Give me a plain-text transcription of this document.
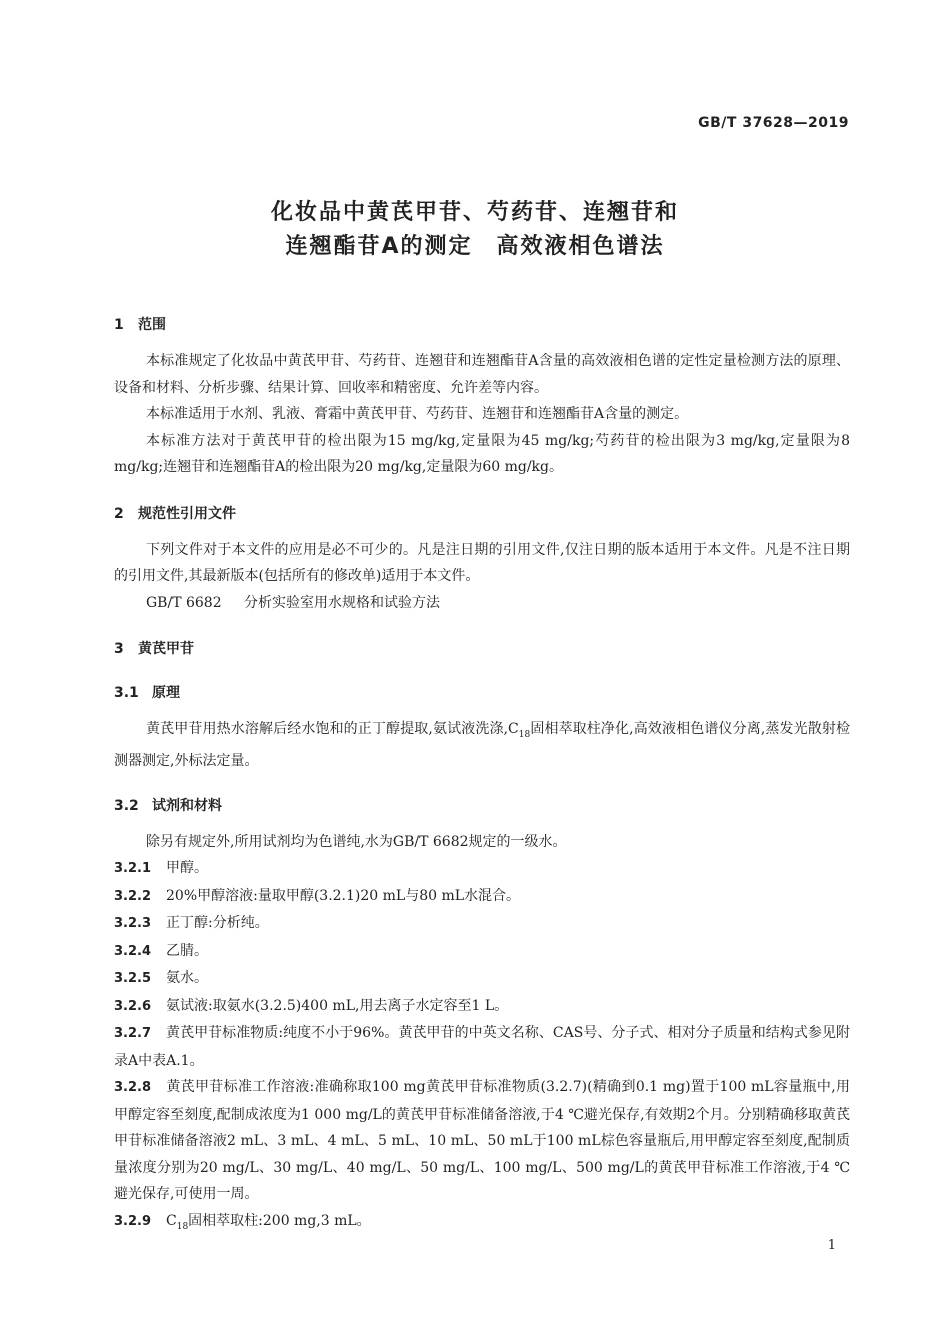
GB/T 37628—2019
化妆品中黄芪甲苷、芍药苷、连翘苷和
连翘酯苷A的测定　高效液相色谱法
1 范围

本标准规定了化妆品中黄芪甲苷、芍药苷、连翘苷和连翘酯苷A含量的高效液相色谱的定性定量检测方法的原理、设备和材料、分析步骤、结果计算、回收率和精密度、允许差等内容。

本标准适用于水剂、乳液、膏霜中黄芪甲苷、芍药苷、连翘苷和连翘酯苷A含量的测定。

本标准方法对于黄芪甲苷的检出限为15 mg/kg,定量限为45 mg/kg;芍药苷的检出限为3 mg/kg,定量限为8 mg/kg;连翘苷和连翘酯苷A的检出限为20 mg/kg,定量限为60 mg/kg。

2 规范性引用文件

下列文件对于本文件的应用是必不可少的。凡是注日期的引用文件,仅注日期的版本适用于本文件。凡是不注日期的引用文件,其最新版本(包括所有的修改单)适用于本文件。

GB/T 6682 分析实验室用水规格和试验方法

3 黄芪甲苷
3.1 原理

黄芪甲苷用热水溶解后经水饱和的正丁醇提取,氨试液洗涤$,C_{18}$固相萃取柱净化,高效液相色谱仪分离,蒸发光散射检测器测定,外标法定量。

3.2 试剂和材料

除另有规定外,所用试剂均为色谱纯,水为GB/T 6682规定的一级水。

3.2.1 甲醇。

3.2.2 20%甲醇溶液:量取甲醇(3.2.1)20 mL与80 mL水混合。

3.2.3 正丁醇:分析纯。

3.2.4 乙腈。

3.2.5 氨水。

3.2.6 氨试液:取氨水(3.2.5)400 mL,用去离子水定容至1 L。

3.2.7 黄芪甲苷标准物质:纯度不小于96%。黄芪甲苷的中英文名称、CAS号、分子式、相对分子质量和结构式参见附录A中表A.1。

3.2.8 黄芪甲苷标准工作溶液:准确称取100 mg黄芪甲苷标准物质(3.2.7)(精确到0.1 mg)置于100 mL容量瓶中,用甲醇定容至刻度,配制成浓度为1 000 mg/L的黄芪甲苷标准储备溶液,于4 ℃避光保存,有效期2个月。分别精确移取黄芪甲苷标准储备溶液2 mL、3 mL、4 mL、5 mL、10 mL、50 mL于100 mL棕色容量瓶后,用甲醇定容至刻度,配制质量浓度分别为20 mg/L、30 mg/L、40 mg/L、50 mg/L、100 mg/L、500 mg/L的黄芪甲苷标准工作溶液,于4 ℃避光保存,可使用一周。

3.2.9 $C_{18}$固相萃取柱:200 mg,3 mL。

1
